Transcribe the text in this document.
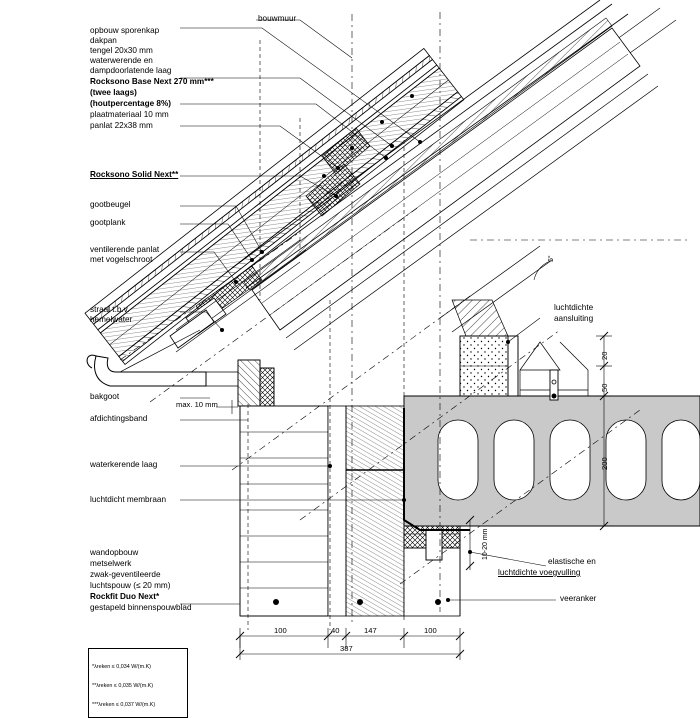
opbouw sporenkap
dakpan
tengel 20x30 mm
waterwerende en
dampdoorlatende laag
Rocksono Base Next 270 mm***
(twee laags)
(houtpercentage 8%)
plaatmateriaal 10 mm
panlat 22x38 mm
Rocksono Solid Next**
gootbeugel
gootplank
ventilerende panlat
met vogelschroot
straal t.b.v.
hemelwater
bakgoot
afdichtingsband
waterkerende laag
luchtdicht membraan
wandopbouw
metselwerk
zwak-geventileerde
luchtspouw (≤ 20 mm)
Rockfit Duo Next*
gestapeld binnenspouwblad
bouwmuur
luchtdichte
aansluiting
elastische en
luchtdichte voegvulling
veeranker
max. 10 mm
100	40	147	100
387
20
50
200
10-20 mm
5°

*λreken ≤ 0,034 W/(m.K)

**λreken ≤ 0,035 W/(m.K)

***λreken ≤ 0,037 W/(m.K)
